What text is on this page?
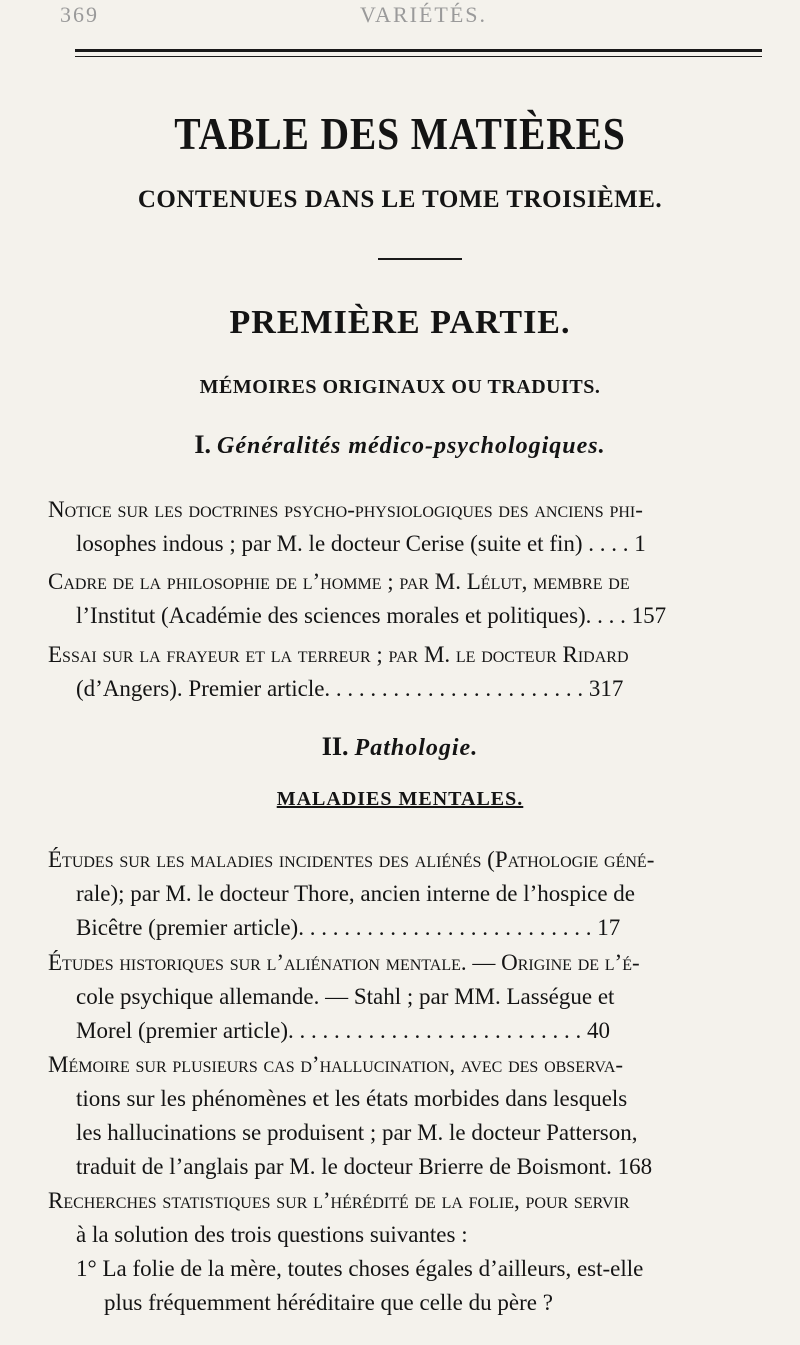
369	VARIÉTÉS.
TABLE DES MATIÈRES
CONTENUES DANS LE TOME TROISIÈME.
PREMIÈRE PARTIE.
MÉMOIRES ORIGINAUX OU TRADUITS.
I. Généralités médico-psychologiques.
Notice sur les doctrines psycho-physiologiques des anciens phi-
losophes indous ; par M. le docteur Cerise (suite et fin) . . . . 1
Cadre de la philosophie de l’homme ; par M. Lélut, membre de
l’Institut (Académie des sciences morales et politiques). . . . 157
Essai sur la frayeur et la terreur ; par M. le docteur Ridard
(d’Angers). Premier article. . . . . . . . . . . . . . . . . . . . . . . 317
II. Pathologie.
MALADIES MENTALES.
Études sur les maladies incidentes des aliénés (Pathologie géné-
rale); par M. le docteur Thore, ancien interne de l’hospice de
Bicêtre (premier article). . . . . . . . . . . . . . . . . . . . . . . . . . 17
Études historiques sur l’aliénation mentale. — Origine de l’é-
cole psychique allemande. — Stahl ; par MM. Lasségue et
Morel (premier article). . . . . . . . . . . . . . . . . . . . . . . . . . 40
Mémoire sur plusieurs cas d’hallucination, avec des observa-
tions sur les phénomènes et les états morbides dans lesquels
les hallucinations se produisent ; par M. le docteur Patterson,
traduit de l’anglais par M. le docteur Brierre de Boismont. 168
Recherches statistiques sur l’hérédité de la folie, pour servir
à la solution des trois questions suivantes :
1° La folie de la mère, toutes choses égales d’ailleurs, est-elle
plus fréquemment héréditaire que celle du père ?
